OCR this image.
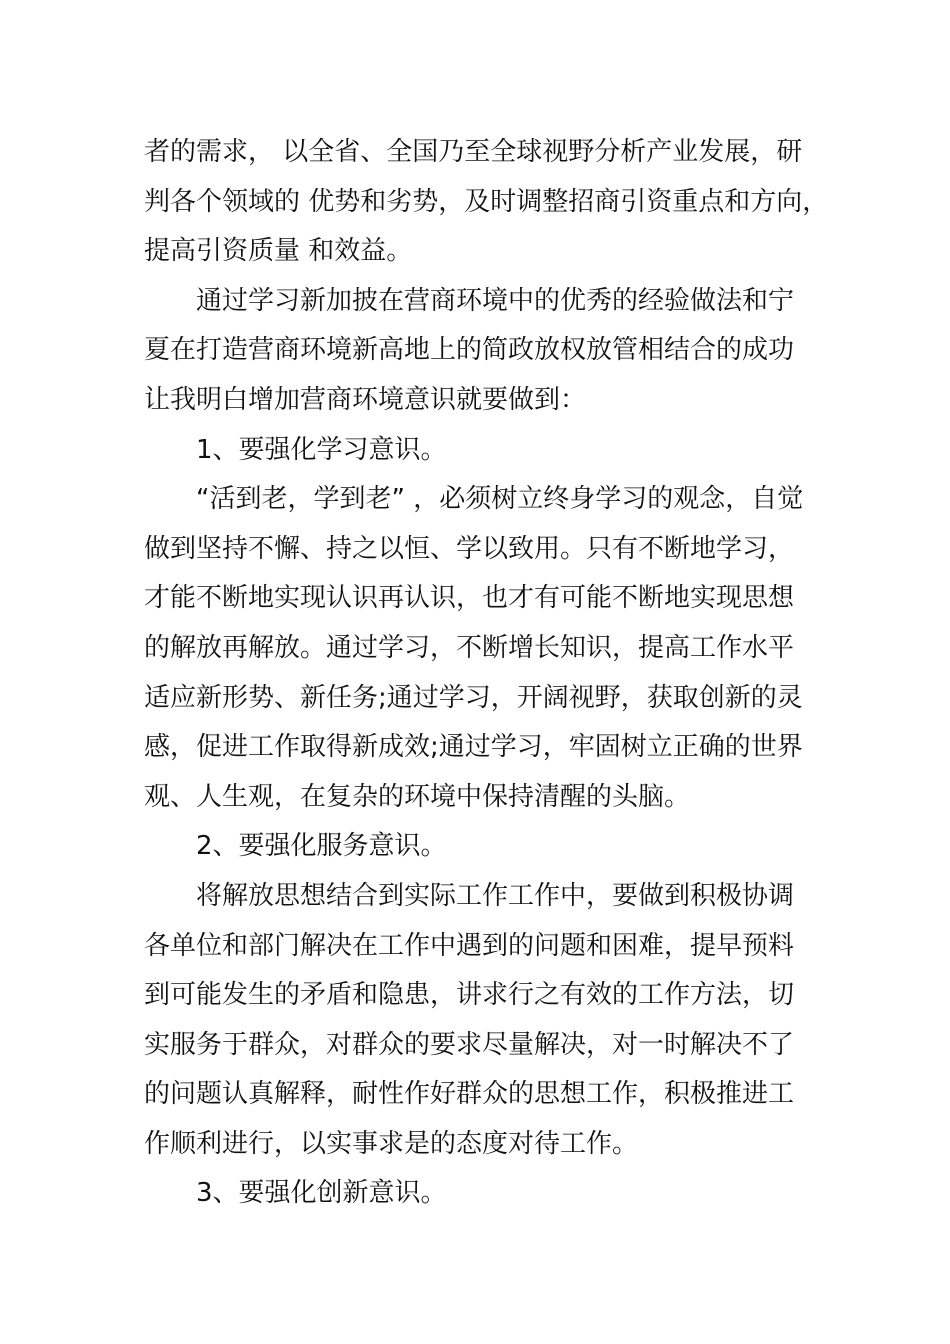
者的需求， 以全省、全国乃至全球视野分析产业发展，研
判各个领域的 优势和劣势，及时调整招商引资重点和方向，
提高引资质量 和效益。
通过学习新加披在营商环境中的优秀的经验做法和宁
夏在打造营商环境新高地上的简政放权放管相结合的成功
让我明白增加营商环境意识就要做到：
1、要强化学习意识。
“活到老，学到老” ，必须树立终身学习的观念，自觉
做到坚持不懈、持之以恒、学以致用。只有不断地学习，
才能不断地实现认识再认识，也才有可能不断地实现思想
的解放再解放。通过学习，不断增长知识，提高工作水平
适应新形势、新任务;通过学习，开阔视野，获取创新的灵
感，促进工作取得新成效;通过学习，牢固树立正确的世界
观、人生观，在复杂的环境中保持清醒的头脑。
2、要强化服务意识。
将解放思想结合到实际工作工作中，要做到积极协调
各单位和部门解决在工作中遇到的问题和困难，提早预料
到可能发生的矛盾和隐患，讲求行之有效的工作方法，切
实服务于群众，对群众的要求尽量解决，对一时解决不了
的问题认真解释，耐性作好群众的思想工作，积极推进工
作顺利进行，以实事求是的态度对待工作。
3、要强化创新意识。
